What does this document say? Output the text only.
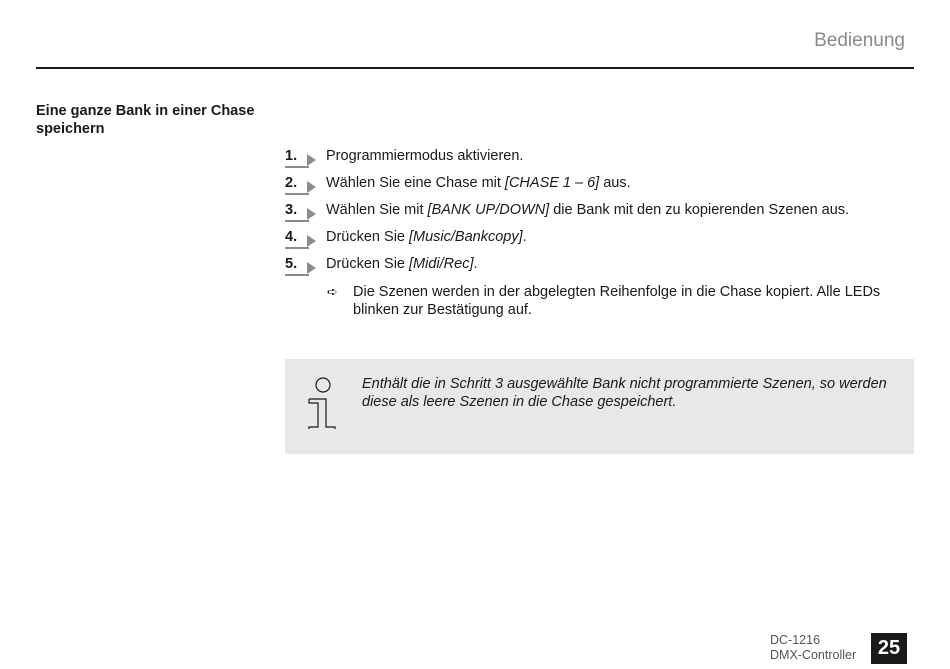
Bedienung
Eine ganze Bank in einer Chase speichern
1. Programmiermodus aktivieren.
2. Wählen Sie eine Chase mit [CHASE 1 – 6] aus.
3. Wählen Sie mit [BANK UP/DOWN] die Bank mit den zu kopierenden Szenen aus.
4. Drücken Sie [Music/Bankcopy].
5. Drücken Sie [Midi/Rec].
➪ Die Szenen werden in der abgelegten Reihenfolge in die Chase kopiert. Alle LEDs blinken zur Bestätigung auf.
Enthält die in Schritt 3 ausgewählte Bank nicht programmierte Szenen, so werden diese als leere Szenen in die Chase gespeichert.
DC-1216
DMX-Controller	25
